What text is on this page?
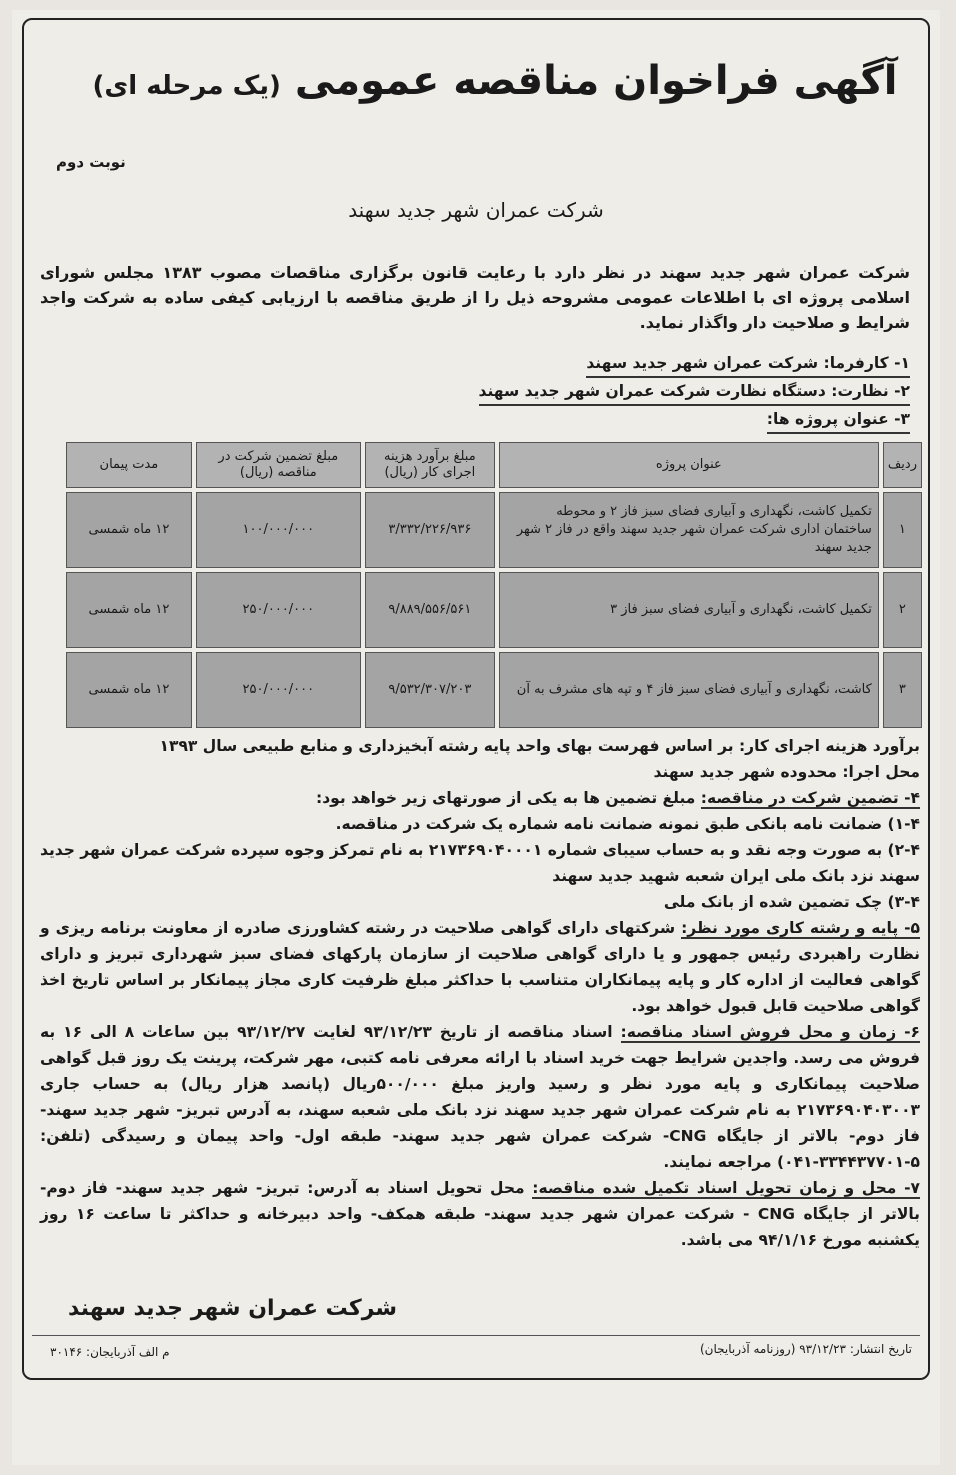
آگهی فراخوان مناقصه عمومی (یک مرحله ای)
نوبت دوم
شرکت عمران شهر جدید سهند
شرکت عمران شهر جدید سهند در نظر دارد با رعایت قانون برگزاری مناقصات مصوب ۱۳۸۳ مجلس شورای اسلامی پروژه ای با اطلاعات عمومی مشروحه ذیل را از طریق مناقصه با ارزیابی کیفی ساده به شرکت واجد شرایط و صلاحیت دار واگذار نماید.
۱- کارفرما: شرکت عمران شهر جدید سهند
۲- نظارت: دستگاه نظارت شرکت عمران شهر جدید سهند
۳- عنوان پروژه ها:
ردیف	عنوان پروژه	مبلغ برآورد هزینه اجرای کار (ریال)	مبلغ تضمین شرکت در مناقصه (ریال)	مدت پیمان
۱	تکمیل کاشت، نگهداری و آبیاری فضای سبز فاز ۲ و محوطه ساختمان اداری شرکت عمران شهر جدید سهند واقع در فاز ۲ شهر جدید سهند	۳/۳۳۲/۲۲۶/۹۳۶	۱۰۰/۰۰۰/۰۰۰	۱۲ ماه شمسی
۲	تکمیل کاشت، نگهداری و آبیاری فضای سبز فاز ۳	۹/۸۸۹/۵۵۶/۵۶۱	۲۵۰/۰۰۰/۰۰۰	۱۲ ماه شمسی
۳	کاشت، نگهداری و آبیاری فضای سبز فاز ۴ و تپه های مشرف به آن	۹/۵۳۲/۳۰۷/۲۰۳	۲۵۰/۰۰۰/۰۰۰	۱۲ ماه شمسی
برآورد هزینه اجرای کار: بر اساس فهرست بهای واحد پایه رشته آبخیزداری و منابع طبیعی سال ۱۳۹۳
محل اجرا: محدوده شهر جدید سهند
۴- تضمین شرکت در مناقصه: مبلغ تضمین ها به یکی از صورتهای زیر خواهد بود:
۱-۴) ضمانت نامه بانکی طبق نمونه ضمانت نامه شماره یک شرکت در مناقصه.
۲-۴) به صورت وجه نقد و به حساب سیبای شماره ۲۱۷۳۶۹۰۴۰۰۰۱ به نام تمرکز وجوه سپرده شرکت عمران شهر جدید سهند نزد بانک ملی ایران شعبه شهید جدید سهند
۳-۴) چک تضمین شده از بانک ملی
۵- پایه و رشته کاری مورد نظر: شرکتهای دارای گواهی صلاحیت در رشته کشاورزی صادره از معاونت برنامه ریزی و نظارت راهبردی رئیس جمهور و یا دارای گواهی صلاحیت از سازمان پارکهای فضای سبز شهرداری تبریز و دارای گواهی فعالیت از اداره کار و پایه پیمانکاران متناسب با حداکثر مبلغ ظرفیت کاری مجاز پیمانکار بر اساس تاریخ اخذ گواهی صلاحیت قابل قبول خواهد بود.
۶- زمان و محل فروش اسناد مناقصه: اسناد مناقصه از تاریخ ۹۳/۱۲/۲۳ لغایت ۹۳/۱۲/۲۷ بین ساعات ۸ الی ۱۶ به فروش می رسد. واجدین شرایط جهت خرید اسناد با ارائه معرفی نامه کتبی، مهر شرکت، پرینت یک روز قبل گواهی صلاحیت پیمانکاری و پایه مورد نظر و رسید واریز مبلغ ۵۰۰/۰۰۰ریال (پانصد هزار ریال) به حساب جاری ۲۱۷۳۶۹۰۴۰۳۰۰۳ به نام شرکت عمران شهر جدید سهند نزد بانک ملی شعبه سهند، به آدرس تبریز- شهر جدید سهند- فاز دوم- بالاتر از جایگاه CNG- شرکت عمران شهر جدید سهند- طبقه اول- واحد پیمان و رسیدگی (تلفن: ۵-۳۳۴۴۳۷۷۰۱-۰۴۱) مراجعه نمایند.
۷- محل و زمان تحویل اسناد تکمیل شده مناقصه: محل تحویل اسناد به آدرس: تبریز- شهر جدید سهند- فاز دوم- بالاتر از جایگاه CNG - شرکت عمران شهر جدید سهند- طبقه همکف- واحد دبیرخانه و حداکثر تا ساعت ۱۶ روز یکشنبه مورخ ۹۴/۱/۱۶ می باشد.
شرکت عمران شهر جدید سهند
تاریخ انتشار: ۹۳/۱۲/۲۳ (روزنامه آذربایجان)
م الف آذربایجان: ۳۰۱۴۶
